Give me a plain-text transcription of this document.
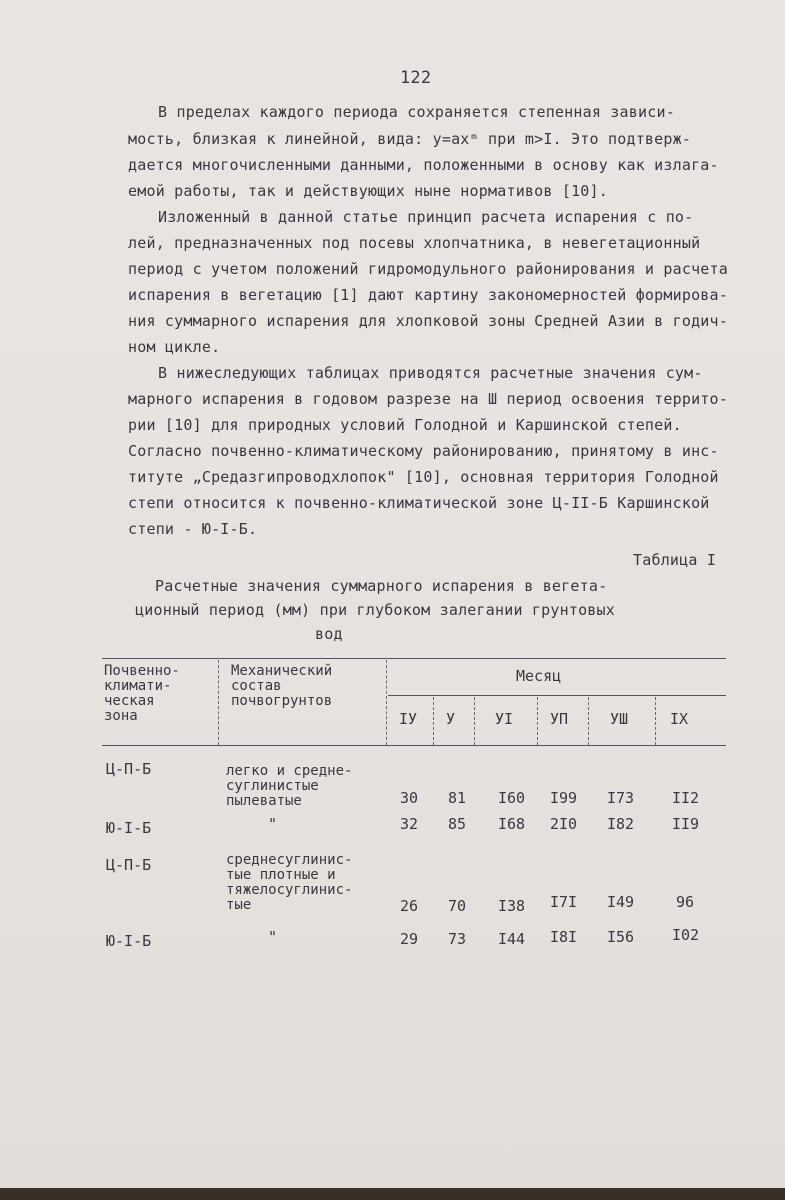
122
В пределах каждого периода сохраняется степенная зависи-
мость, близкая к линейной, вида: у=ахᵐ при m>I. Это подтверж-
дается многочисленными данными, положенными в основу как излага-
емой работы, так и действующих ныне нормативов [10].
Изложенный в данной статье принцип расчета испарения с по-
лей, предназначенных под посевы хлопчатника, в невегетационный
период с учетом положений гидромодульного районирования и расчета
испарения в вегетацию [1] дают картину закономерностей формирова-
ния суммарного испарения для хлопковой зоны Средней Азии в годич-
ном цикле.
В нижеследующих таблицах приводятся расчетные значения сум-
марного испарения в годовом разрезе на Ш период освоения террито-
рии [10] для природных условий Голодной и Каршинской степей.
Согласно почвенно-климатическому районированию, принятому в инс-
титуте „Средазгипроводхлопок" [10], основная территория Голодной
степи относится к почвенно-климатической зоне Ц-II-Б Каршинской
степи - Ю-I-Б.
Таблица I
Расчетные значения суммарного испарения в вегета-
ционный период (мм) при глубоком залегании грунтовых
вод
Почвенно-
климати-
ческая
зона
Механический
состав
почвогрунтов
Месяц
IУ У	УI УП	УШ	IX
Ц-П-Б	легко и средне-
суглинистые
пылеватые	30 81 I60 I99 I73	II2
Ю-I-Б	"	32 85 I68 2I0 I82	II9
Ц-П-Б	среднесуглинис-
тые плотные и
тяжелосуглинис-
тые	26 70 I38 I7I I49	96
Ю-I-Б	"	29 73 I44 I8I I56	I02
